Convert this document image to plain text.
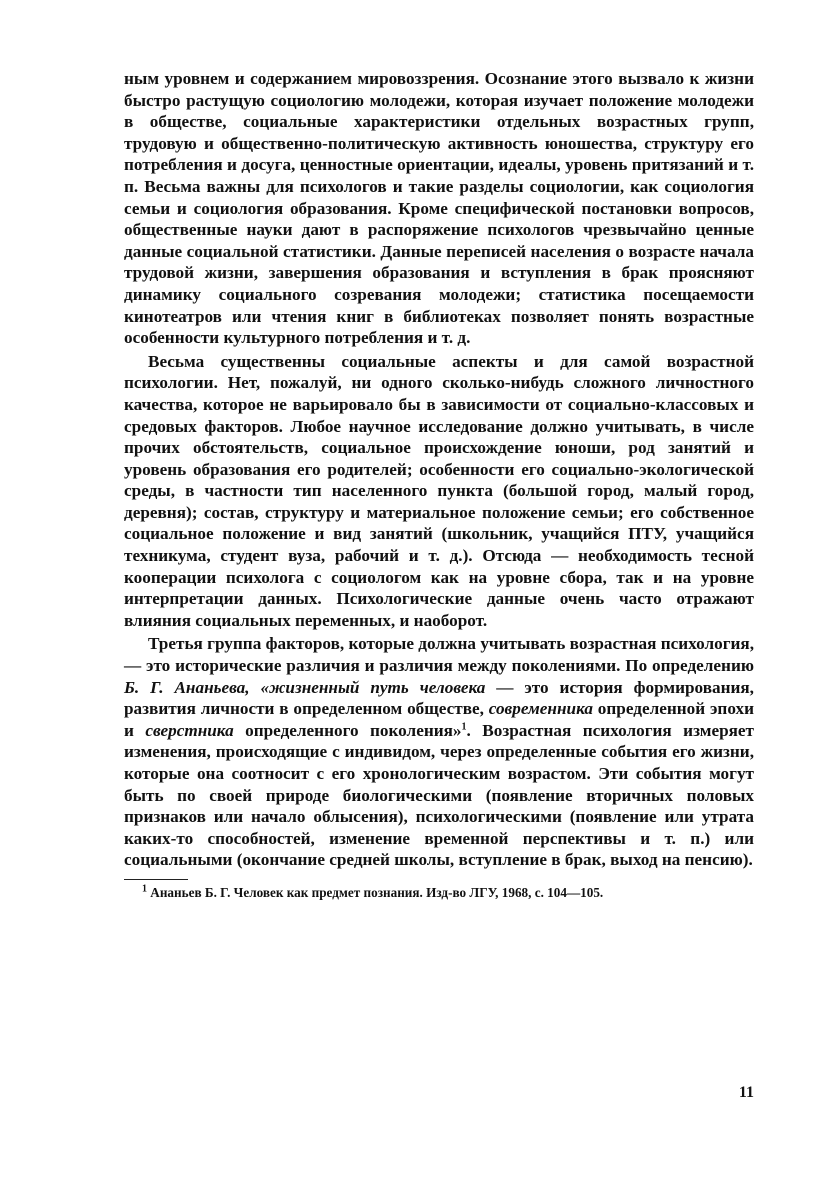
ным уровнем и содержанием мировоззрения. Осознание этого вызвало к жизни быстро растущую социологию молодежи, которая изучает положение молодежи в обществе, социальные характеристики отдельных возрастных групп, трудовую и общественно-политическую активность юношества, структуру его потребления и досуга, ценностные ориентации, идеалы, уровень притязаний и т. п. Весьма важны для психологов и такие разделы социологии, как социология семьи и социология образования. Кроме специфической постановки вопросов, общественные науки дают в распоряжение психологов чрезвычайно ценные данные социальной статистики. Данные переписей населения о возрасте начала трудовой жизни, завершения образования и вступления в брак проясняют динамику социального созревания молодежи; статистика посещаемости кинотеатров или чтения книг в библиотеках позволяет понять возрастные особенности культурного потребления и т. д.

Весьма существенны социальные аспекты и для самой возрастной психологии. Нет, пожалуй, ни одного сколько-нибудь сложного личностного качества, которое не варьировало бы в зависимости от социально-классовых и средовых факторов. Любое научное исследование должно учитывать, в числе прочих обстоятельств, социальное происхождение юноши, род занятий и уровень образования его родителей; особенности его социально-экологической среды, в частности тип населенного пункта (большой город, малый город, деревня); состав, структуру и материальное положение семьи; его собственное социальное положение и вид занятий (школьник, учащийся ПТУ, учащийся техникума, студент вуза, рабочий и т. д.). Отсюда — необходимость тесной кооперации психолога с социологом как на уровне сбора, так и на уровне интерпретации данных. Психологические данные очень часто отражают влияния социальных переменных, и наоборот.

Третья группа факторов, которые должна учитывать возрастная психология,— это исторические различия и различия между поколениями. По определению Б. Г. Ананьева, «жизненный путь человека — это история формирования, развития личности в определенном обществе, современника определенной эпохи и сверстника определенного поколения»$^1$. Возрастная психология измеряет изменения, происходящие с индивидом, через определенные события его жизни, которые она соотносит с его хронологическим возрастом. Эти события могут быть по своей природе биологическими (появление вторичных половых признаков или начало облысения), психологическими (появление или утрата каких-то способностей, изменение временной перспективы и т. п.) или социальными (окончание средней школы, вступление в брак, выход на пенсию).

$^1$ Ананьев Б. Г. Человек как предмет познания. Изд-во ЛГУ, 1968, с. 104—105.

11
